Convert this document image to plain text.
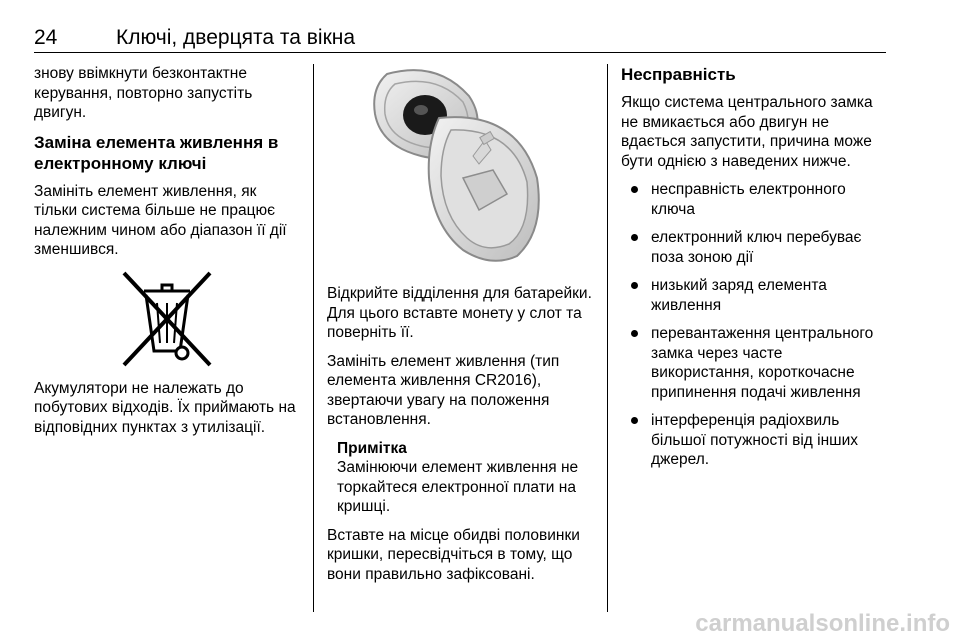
24	Ключі, дверцята та вікна

знову ввімкнути безконтактне керування, повторно запустіть двигун.

Заміна елемента живлення в електронному ключі

Замініть елемент живлення, як тільки система більше не працює належним чином або діапазон її дії зменшився.

Акумулятори не належать до побутових відходів. Їх приймають на відповідних пунктах з утилізації.

Відкрийте відділення для батарейки. Для цього вставте монету у слот та поверніть її.

Замініть елемент живлення (тип елемента живлення CR2016), звертаючи увагу на положення встановлення.

Примітка
Замінюючи елемент живлення не торкайтеся електронної плати на кришці.

Вставте на місце обидві половинки кришки, пересвідчіться в тому, що вони правильно зафіксовані.

Несправність

Якщо система центрального замка не вмикається або двигун не вдається запустити, причина може бути однією з наведених нижче.

несправність електронного ключа
електронний ключ перебуває поза зоною дії
низький заряд елемента живлення
перевантаження центрального замка через часте використання, короткочасне припинення подачі живлення
інтерференція радіохвиль більшої потужності від інших джерел.
carmanualsonline.info
